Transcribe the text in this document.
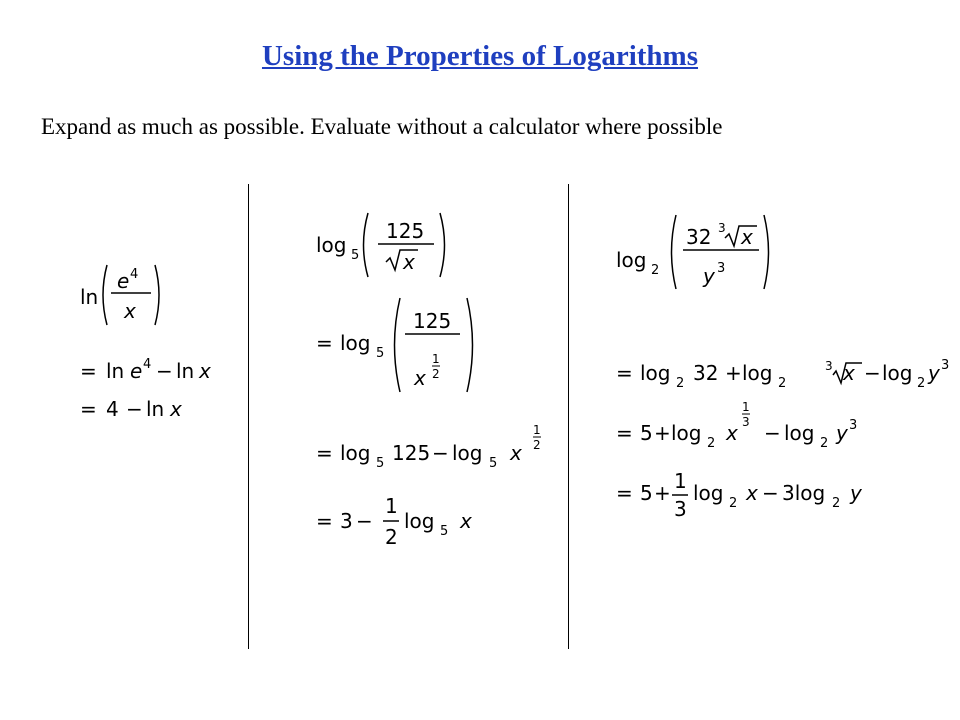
Using the Properties of Logarithms
Expand as much as possible. Evaluate without a calculator where possible
ln
e 4
x
= ln e 4 − ln x
= 4 − ln x
log 5
125
x
= log 5
125
x
1
2
= log 5 125 − log 5 x
1
2
= 3 −
1
2
log 5 x
log 2
32 3 x
y 3
= log 2 32 + log 2
3 x − log 2 y 3
= 5 + log 2 x
1
3 − log 2 y 3
= 5 + 1
3
log 2 x − 3log 2 y
